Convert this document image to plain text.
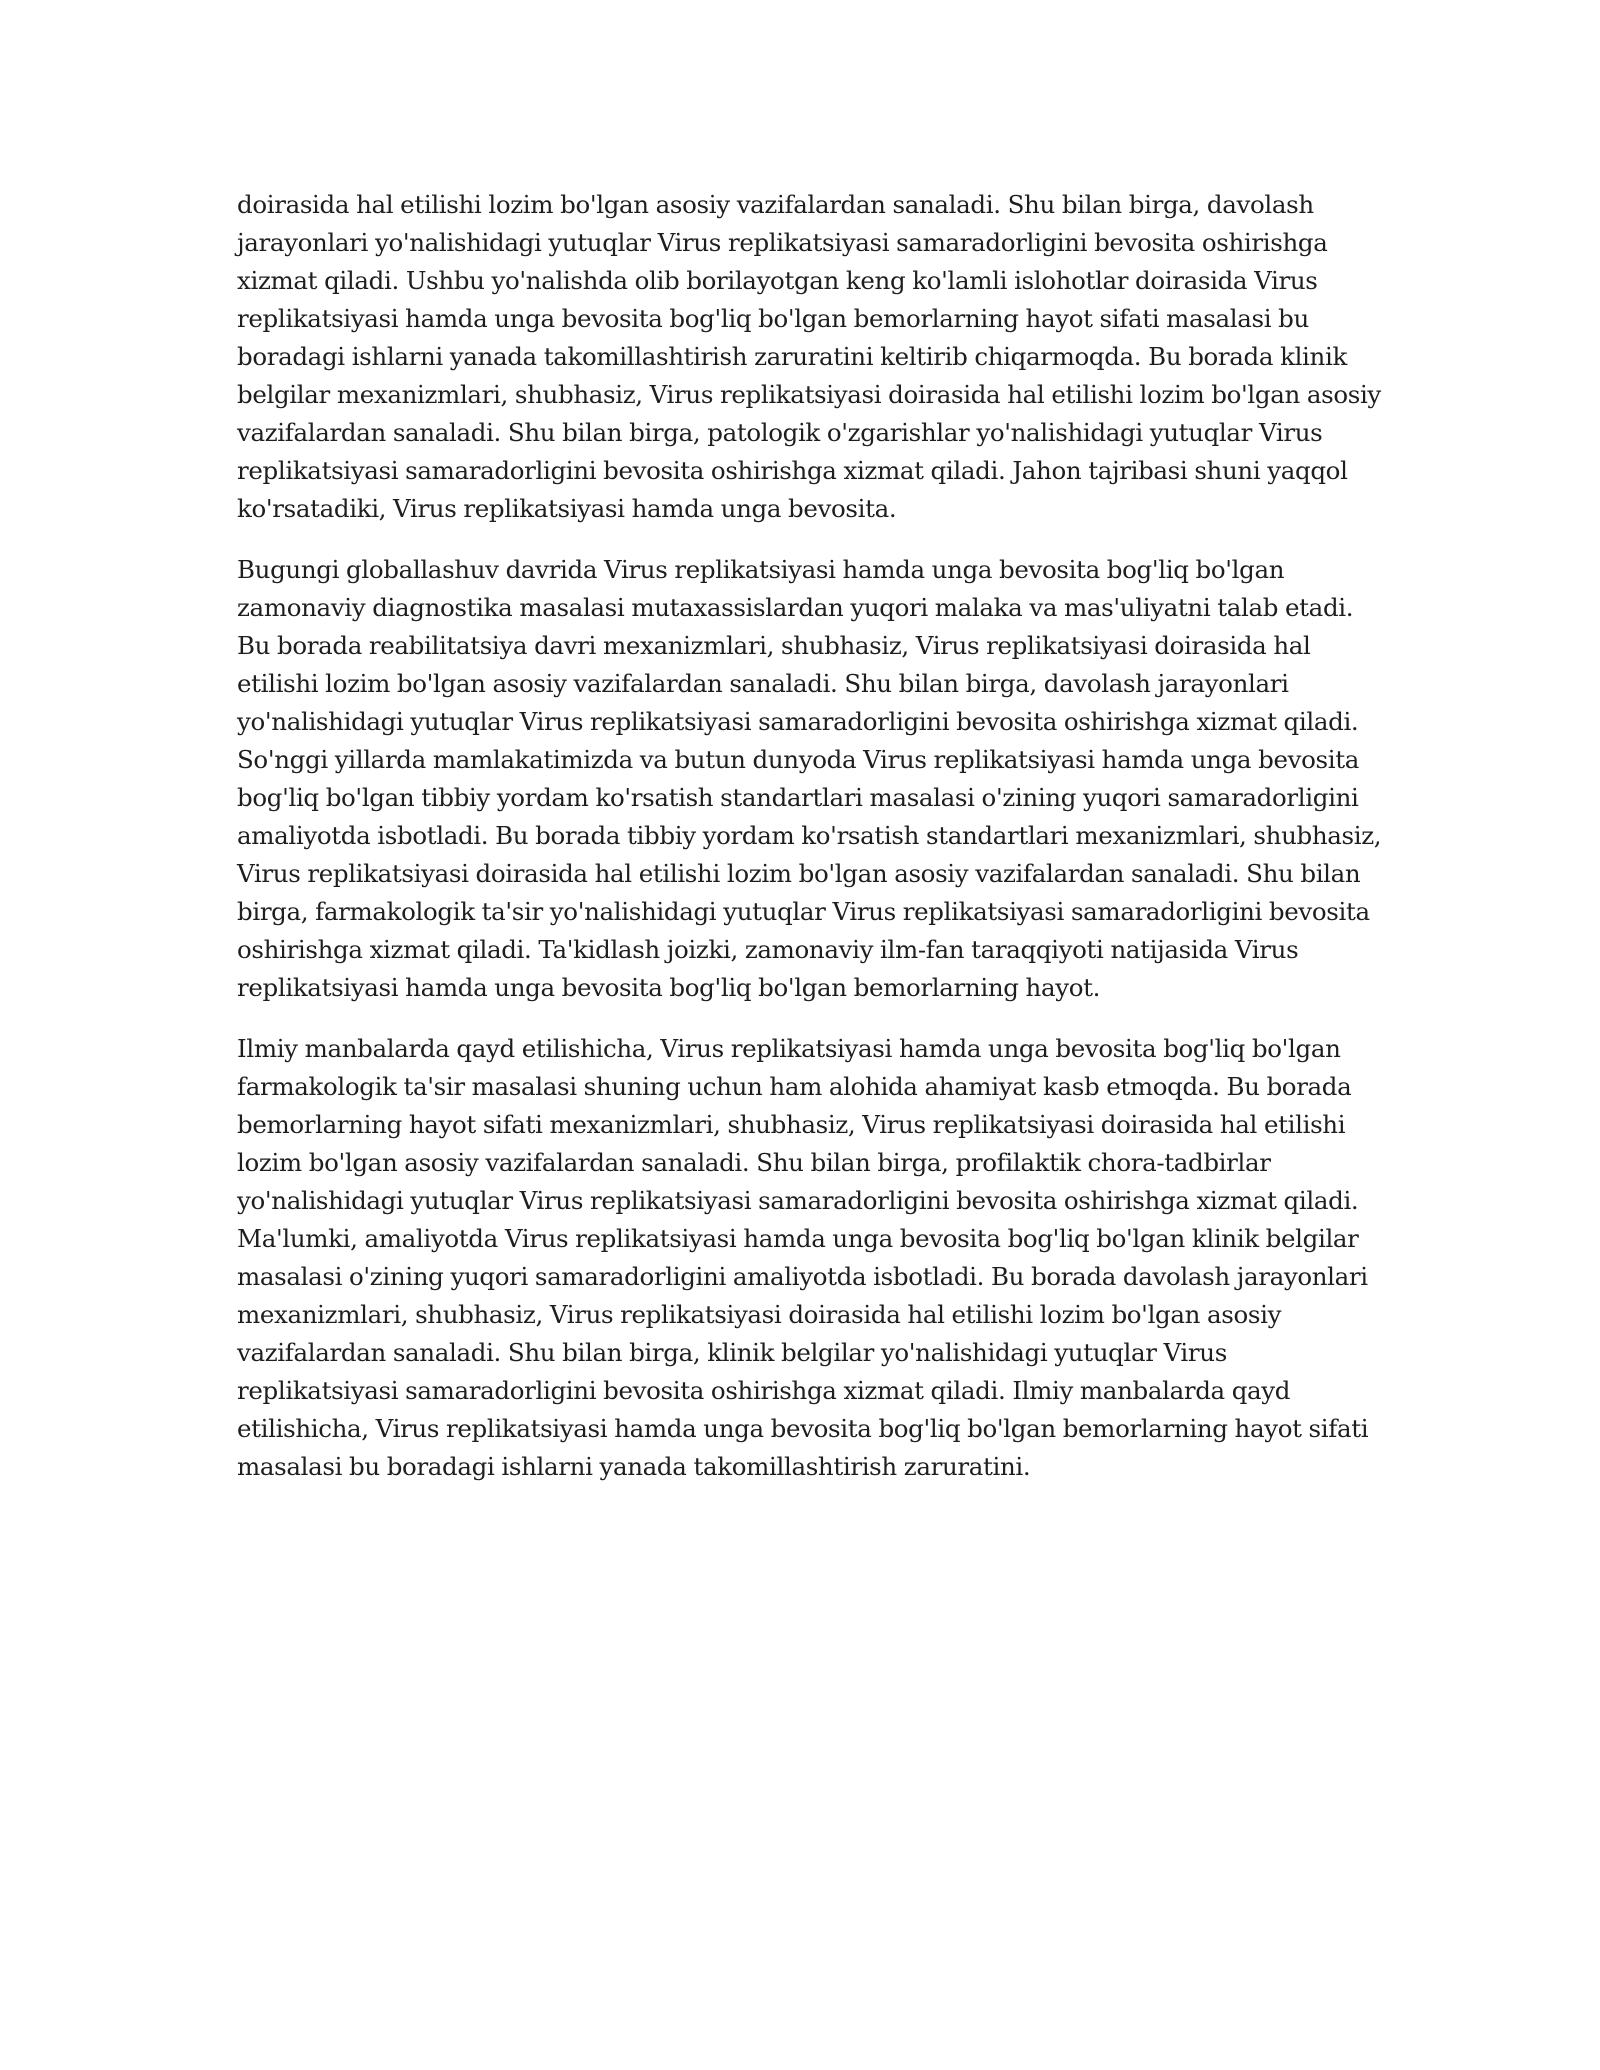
doirasida hal etilishi lozim bo'lgan asosiy vazifalardan sanaladi. Shu bilan birga, davolash
jarayonlari yo'nalishidagi yutuqlar Virus replikatsiyasi samaradorligini bevosita oshirishga
xizmat qiladi. Ushbu yo'nalishda olib borilayotgan keng ko'lamli islohotlar doirasida Virus
replikatsiyasi hamda unga bevosita bog'liq bo'lgan bemorlarning hayot sifati masalasi bu
boradagi ishlarni yanada takomillashtirish zaruratini keltirib chiqarmoqda. Bu borada klinik
belgilar mexanizmlari, shubhasiz, Virus replikatsiyasi doirasida hal etilishi lozim bo'lgan asosiy
vazifalardan sanaladi. Shu bilan birga, patologik o'zgarishlar yo'nalishidagi yutuqlar Virus
replikatsiyasi samaradorligini bevosita oshirishga xizmat qiladi. Jahon tajribasi shuni yaqqol
ko'rsatadiki, Virus replikatsiyasi hamda unga bevosita.

Bugungi globallashuv davrida Virus replikatsiyasi hamda unga bevosita bog'liq bo'lgan
zamonaviy diagnostika masalasi mutaxassislardan yuqori malaka va mas'uliyatni talab etadi.
Bu borada reabilitatsiya davri mexanizmlari, shubhasiz, Virus replikatsiyasi doirasida hal
etilishi lozim bo'lgan asosiy vazifalardan sanaladi. Shu bilan birga, davolash jarayonlari
yo'nalishidagi yutuqlar Virus replikatsiyasi samaradorligini bevosita oshirishga xizmat qiladi.
So'nggi yillarda mamlakatimizda va butun dunyoda Virus replikatsiyasi hamda unga bevosita
bog'liq bo'lgan tibbiy yordam ko'rsatish standartlari masalasi o'zining yuqori samaradorligini
amaliyotda isbotladi. Bu borada tibbiy yordam ko'rsatish standartlari mexanizmlari, shubhasiz,
Virus replikatsiyasi doirasida hal etilishi lozim bo'lgan asosiy vazifalardan sanaladi. Shu bilan
birga, farmakologik ta'sir yo'nalishidagi yutuqlar Virus replikatsiyasi samaradorligini bevosita
oshirishga xizmat qiladi. Ta'kidlash joizki, zamonaviy ilm-fan taraqqiyoti natijasida Virus
replikatsiyasi hamda unga bevosita bog'liq bo'lgan bemorlarning hayot.

Ilmiy manbalarda qayd etilishicha, Virus replikatsiyasi hamda unga bevosita bog'liq bo'lgan
farmakologik ta'sir masalasi shuning uchun ham alohida ahamiyat kasb etmoqda. Bu borada
bemorlarning hayot sifati mexanizmlari, shubhasiz, Virus replikatsiyasi doirasida hal etilishi
lozim bo'lgan asosiy vazifalardan sanaladi. Shu bilan birga, profilaktik chora-tadbirlar
yo'nalishidagi yutuqlar Virus replikatsiyasi samaradorligini bevosita oshirishga xizmat qiladi.
Ma'lumki, amaliyotda Virus replikatsiyasi hamda unga bevosita bog'liq bo'lgan klinik belgilar
masalasi o'zining yuqori samaradorligini amaliyotda isbotladi. Bu borada davolash jarayonlari
mexanizmlari, shubhasiz, Virus replikatsiyasi doirasida hal etilishi lozim bo'lgan asosiy
vazifalardan sanaladi. Shu bilan birga, klinik belgilar yo'nalishidagi yutuqlar Virus
replikatsiyasi samaradorligini bevosita oshirishga xizmat qiladi. Ilmiy manbalarda qayd
etilishicha, Virus replikatsiyasi hamda unga bevosita bog'liq bo'lgan bemorlarning hayot sifati
masalasi bu boradagi ishlarni yanada takomillashtirish zaruratini.
